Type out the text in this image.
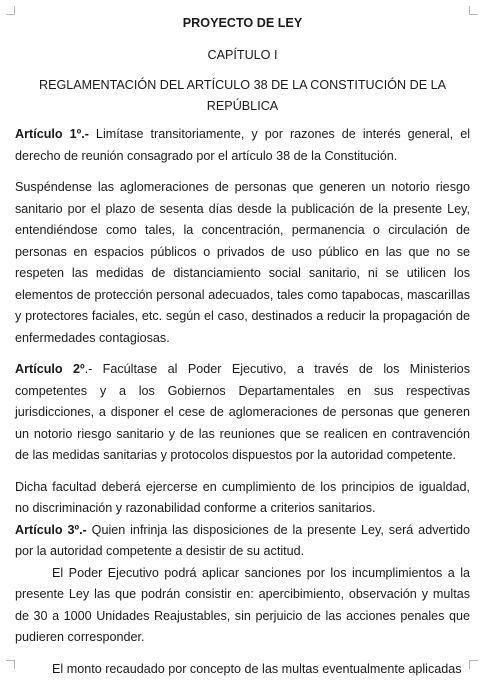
PROYECTO DE LEY
CAPÍTULO I
REGLAMENTACIÓN DEL ARTÍCULO 38 DE LA CONSTITUCIÓN DE LA REPÚBLICA

Artículo 1º.- Limítase transitoriamente, y por razones de interés general, el derecho de reunión consagrado por el artículo 38 de la Constitución.

Suspéndense las aglomeraciones de personas que generen un notorio riesgo sanitario por el plazo de sesenta días desde la publicación de la presente Ley, entendiéndose como tales, la concentración, permanencia o circulación de personas en espacios públicos o privados de uso público en las que no se respeten las medidas de distanciamiento social sanitario, ni se utilicen los elementos de protección personal adecuados, tales como tapabocas, mascarillas y protectores faciales, etc. según el caso, destinados a reducir la propagación de enfermedades contagiosas.

Artículo 2º.- Facúltase al Poder Ejecutivo, a través de los Ministerios competentes y a los Gobiernos Departamentales en sus respectivas jurisdicciones, a disponer el cese de aglomeraciones de personas que generen un notorio riesgo sanitario y de las reuniones que se realicen en contravención de las medidas sanitarias y protocolos dispuestos por la autoridad competente.

Dicha facultad deberá ejercerse en cumplimiento de los principios de igualdad, no discriminación y razonabilidad conforme a criterios sanitarios.

Artículo 3º.- Quien infrinja las disposiciones de la presente Ley, será advertido por la autoridad competente a desistir de su actitud.

El Poder Ejecutivo podrá aplicar sanciones por los incumplimientos a la presente Ley las que podrán consistir en: apercibimiento, observación y multas de 30 a 1000 Unidades Reajustables, sin perjuicio de las acciones penales que pudieren corresponder.

El monto recaudado por concepto de las multas eventualmente aplicadas
